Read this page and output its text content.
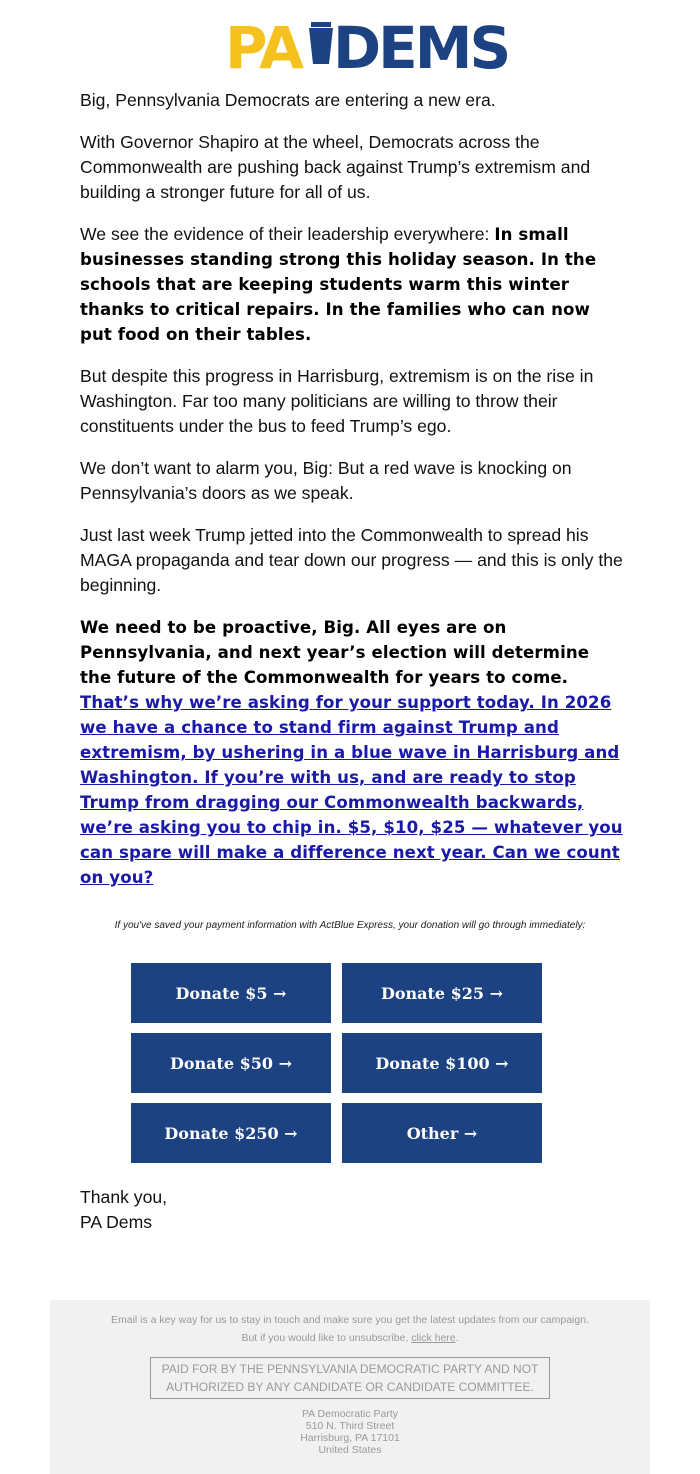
PA DEMS

Big, Pennsylvania Democrats are entering a new era.

With Governor Shapiro at the wheel, Democrats across the Commonwealth are pushing back against Trump’s extremism and building a stronger future for all of us.

We see the evidence of their leadership everywhere: In small businesses standing strong this holiday season. In the schools that are keeping students warm this winter thanks to critical repairs. In the families who can now put food on their tables.

But despite this progress in Harrisburg, extremism is on the rise in Washington. Far too many politicians are willing to throw their constituents under the bus to feed Trump’s ego.

We don’t want to alarm you, Big: But a red wave is knocking on Pennsylvania’s doors as we speak.

Just last week Trump jetted into the Commonwealth to spread his MAGA propaganda and tear down our progress — and this is only the beginning.

We need to be proactive, Big. All eyes are on Pennsylvania, and next year’s election will determine the future of the Commonwealth for years to come.
That’s why we’re asking for your support today. In 2026 we have a chance to stand firm against Trump and extremism, by ushering in a blue wave in Harrisburg and Washington. If you’re with us, and are ready to stop Trump from dragging our Commonwealth backwards, we’re asking you to chip in. $5, $10, $25 — whatever you can spare will make a difference next year. Can we count on you?
If you've saved your payment information with ActBlue Express, your donation will go through immediately:
Donate $5 →	Donate $25 →
Donate $50 →	Donate $100 →
Donate $250 →	Other →
Thank you,
PA Dems
Email is a key way for us to stay in touch and make sure you get the latest updates from our campaign.
But if you would like to unsubscribe, click here.
PAID FOR BY THE PENNSYLVANIA DEMOCRATIC PARTY AND NOT AUTHORIZED BY ANY CANDIDATE OR CANDIDATE COMMITTEE.
PA Democratic Party
510 N. Third Street
Harrisburg, PA 17101
United States
